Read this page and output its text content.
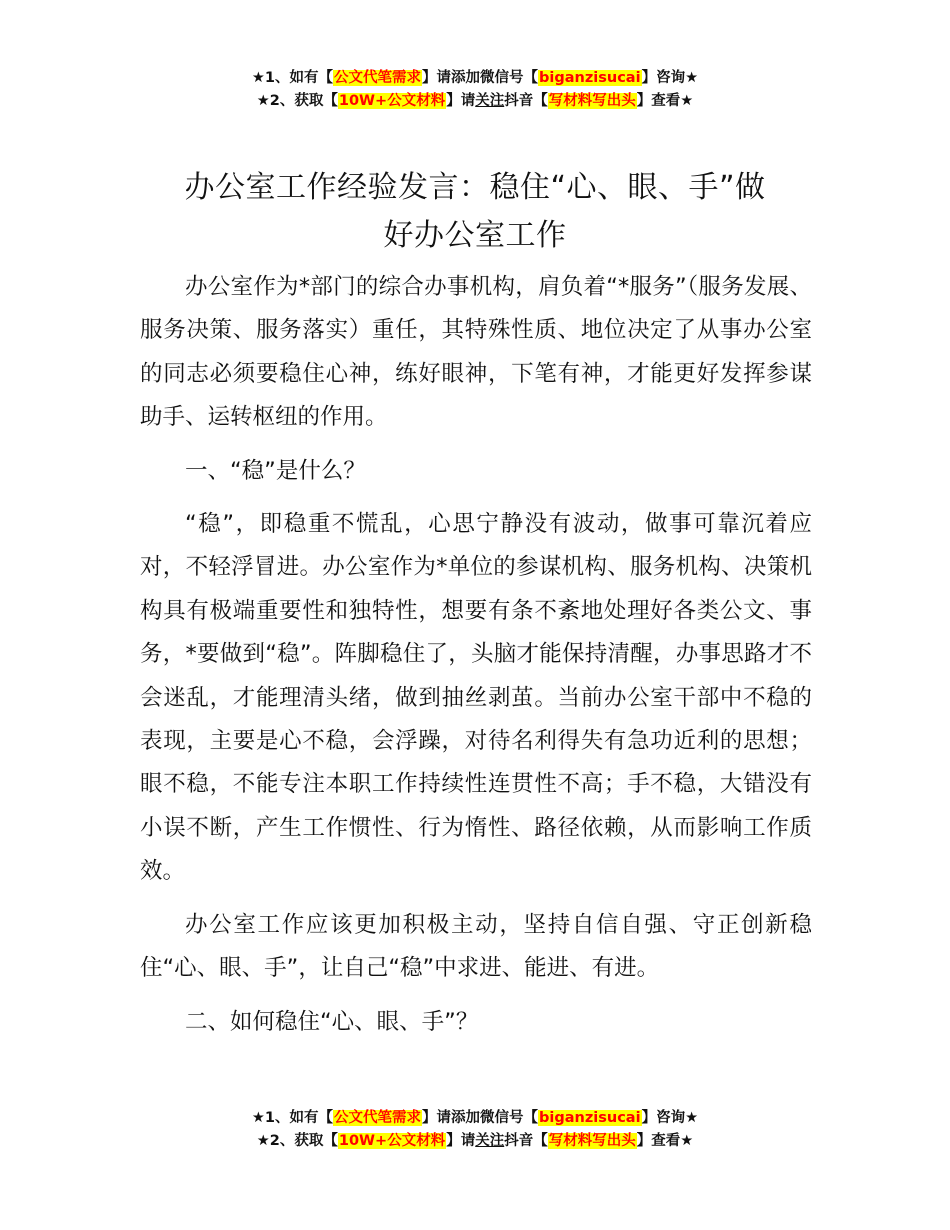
★1、如有【公文代笔需求】请添加微信号【biganzisucai】咨询★
★2、获取【10W+公文材料】请关注抖音【写材料写出头】查看★
办公室工作经验发言：稳住“心、眼、手”做
好办公室工作

办公室作为*部门的综合办事机构，肩负着“*服务”（服务发展、服务决策、服务落实）重任，其特殊性质、地位决定了从事办公室的同志必须要稳住心神，练好眼神，下笔有神，才能更好发挥参谋助手、运转枢纽的作用。

一、“稳”是什么？

“稳”，即稳重不慌乱，心思宁静没有波动，做事可靠沉着应对，不轻浮冒进。办公室作为*单位的参谋机构、服务机构、决策机构具有极端重要性和独特性，想要有条不紊地处理好各类公文、事务，*要做到“稳”。阵脚稳住了，头脑才能保持清醒，办事思路才不会迷乱，才能理清头绪，做到抽丝剥茧。当前办公室干部中不稳的表现，主要是心不稳，会浮躁，对待名利得失有急功近利的思想；眼不稳，不能专注本职工作持续性连贯性不高；手不稳，大错没有小误不断，产生工作惯性、行为惰性、路径依赖，从而影响工作质效。

办公室工作应该更加积极主动，坚持自信自强、守正创新稳住“心、眼、手”，让自己“稳”中求进、能进、有进。

二、如何稳住“心、眼、手”？

★1、如有【公文代笔需求】请添加微信号【biganzisucai】咨询★
★2、获取【10W+公文材料】请关注抖音【写材料写出头】查看★
